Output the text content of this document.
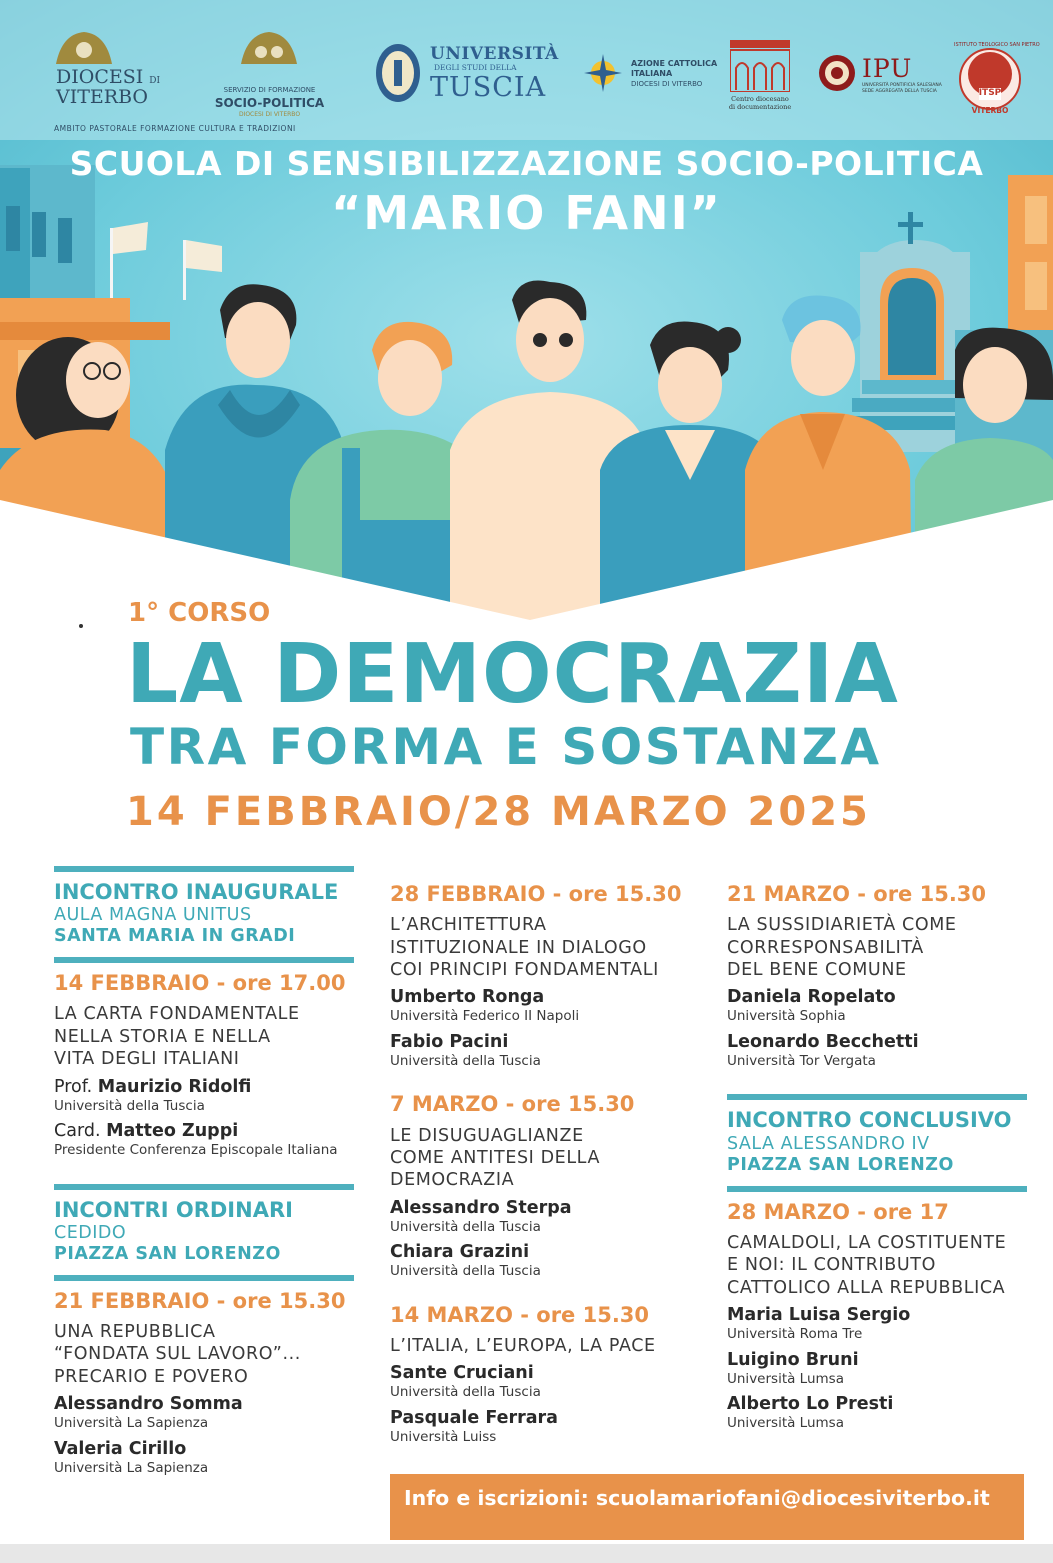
DIOCESI DI
VITERBO
AMBITO PASTORALE FORMAZIONE CULTURA E TRADIZIONI
SERVIZIO DI FORMAZIONE
SOCIO-POLITICA
DIOCESI DI VITERBO
UNIVERSITÀ
DEGLI STUDI DELLA
TUSCIA
AZIONE CATTOLICA
ITALIANA
DIOCESI DI VITERBO
Centro diocesano
di documentazione
IPU
UNIVERSITÀ PONTIFICIA SALESIANA
SEDE AGGREGATA DELLA TUSCIA
ISTITUTO TEOLOGICO SAN PIETRO
ITSP
VITERBO
SCUOLA DI SENSIBILIZZAZIONE SOCIO-POLITICA
“MARIO FANI”
1° CORSO
LA DEMOCRAZIA
TRA FORMA E SOSTANZA
14 FEBBRAIO/28 MARZO 2025
INCONTRO INAUGURALE
AULA MAGNA UNITUS
SANTA MARIA IN GRADI
14 FEBBRAIO - ore 17.00
LA CARTA FONDAMENTALE
NELLA STORIA E NELLA
VITA DEGLI ITALIANI
Prof. Maurizio Ridolfi
Università della Tuscia
Card. Matteo Zuppi
Presidente Conferenza Episcopale Italiana
INCONTRI ORDINARI
CEDIDO
PIAZZA SAN LORENZO
21 FEBBRAIO - ore 15.30
UNA REPUBBLICA
“FONDATA SUL LAVORO”...
PRECARIO E POVERO
Alessandro Somma
Università La Sapienza
Valeria Cirillo
Università La Sapienza
28 FEBBRAIO - ore 15.30
L’ARCHITETTURA
ISTITUZIONALE IN DIALOGO
COI PRINCIPI FONDAMENTALI
Umberto Ronga
Università Federico II Napoli
Fabio Pacini
Università della Tuscia
7 MARZO - ore 15.30
LE DISUGUAGLIANZE
COME ANTITESI DELLA
DEMOCRAZIA
Alessandro Sterpa
Università della Tuscia
Chiara Grazini
Università della Tuscia
14 MARZO - ore 15.30
L’ITALIA, L’EUROPA, LA PACE
Sante Cruciani
Università della Tuscia
Pasquale Ferrara
Università Luiss
21 MARZO - ore 15.30
LA SUSSIDIARIETÀ COME
CORRESPONSABILITÀ
DEL BENE COMUNE
Daniela Ropelato
Università Sophia
Leonardo Becchetti
Università Tor Vergata
INCONTRO CONCLUSIVO
SALA ALESSANDRO IV
PIAZZA SAN LORENZO
28 MARZO - ore 17
CAMALDOLI, LA COSTITUENTE
E NOI: IL CONTRIBUTO
CATTOLICO ALLA REPUBBLICA
Maria Luisa Sergio
Università Roma Tre
Luigino Bruni
Università Lumsa
Alberto Lo Presti
Università Lumsa
Info e iscrizioni: scuolamariofani@diocesiviterbo.it
